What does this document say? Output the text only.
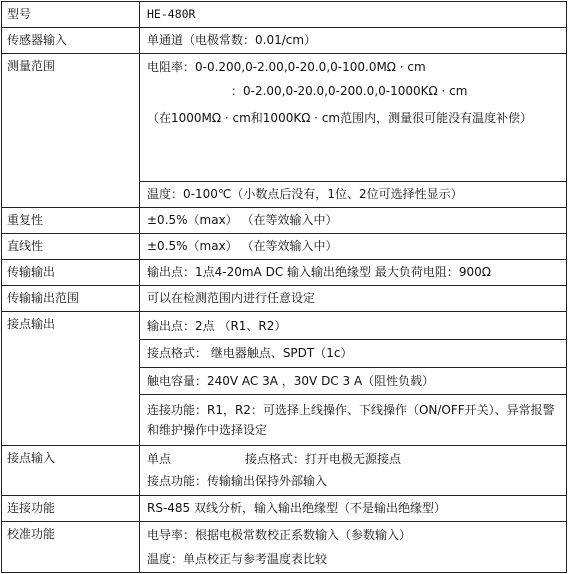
型号
传感器输入
测量范围
重复性
直线性
传输输出
传输输出范围
接点输出
接点输入
连接功能
校准功能
HE-480R
单通道（电极常数：0.01/cm）
电阻率：0-0.200,0-2.00,0-20.0,0-100.0MΩ · cm
：0-2.00,0-20.0,0-200.0,0-1000KΩ · cm
（在1000MΩ · cm和1000KΩ · cm范围内，测量很可能没有温度补偿）
温度：0-100℃（小数点后没有，1位、2位可选择性显示）
±0.5%（max） （在等效输入中）
±0.5%（max） （在等效输入中）
输出点：1点4-20mA DC 输入输出绝缘型 最大负荷电阻：900Ω
可以在检测范围内进行任意设定
输出点：2点 （R1、R2）
接点格式： 继电器触点、SPDT（1c）
触电容量：240V AC 3A ，30V DC 3 A（阻性负载）
连接功能：R1，R2：可选择上线操作、下线操作（ON/OFF开关）、异常报警和维护操作中选择设定
单点	接点格式：打开电极无源接点
接点功能：传输输出保持外部输入
RS-485 双线分析，输入输出绝缘型（不是输出绝缘型）
电导率：根据电极常数校正系数输入（参数输入）
温度：单点校正与参考温度表比较
